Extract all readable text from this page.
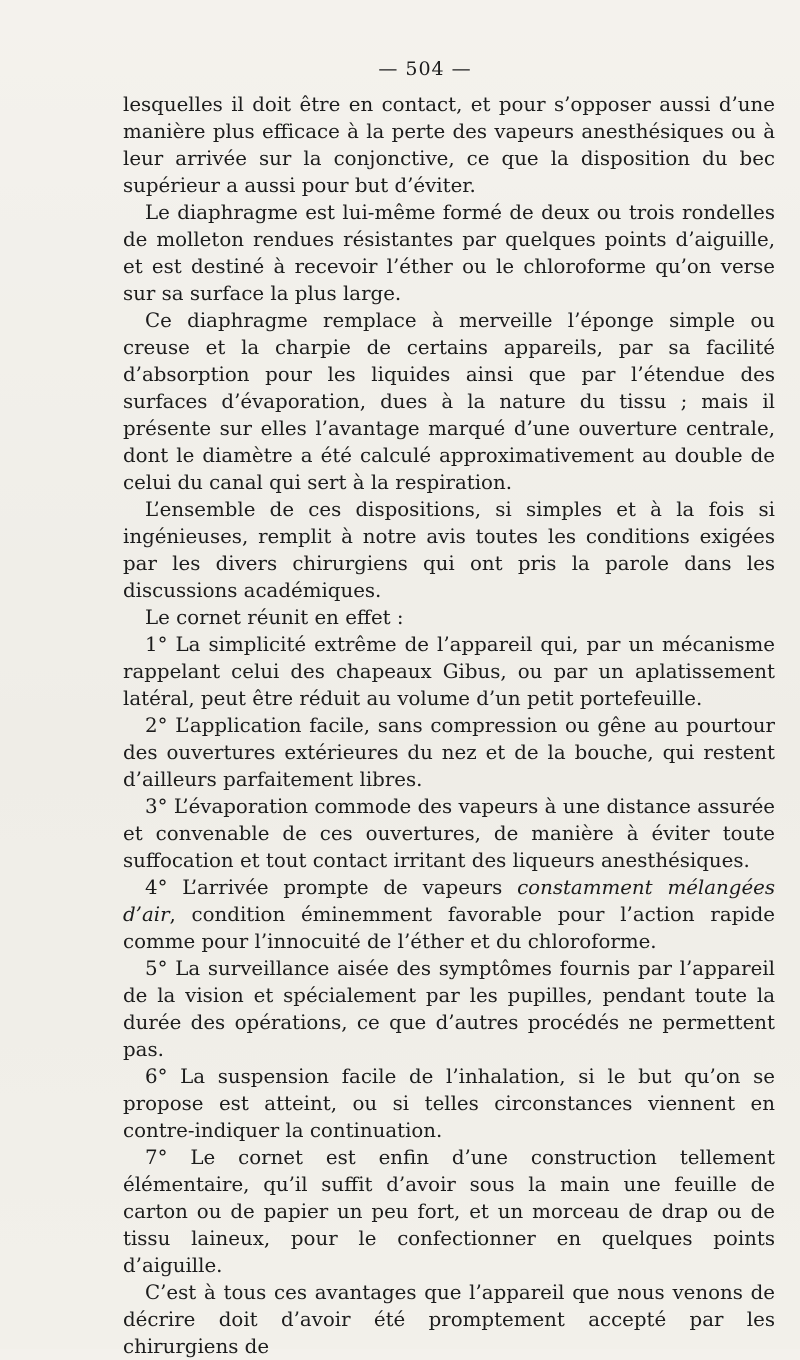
— 504 —

lesquelles il doit être en contact, et pour s’opposer aussi d’une manière plus efficace à la perte des vapeurs anesthésiques ou à leur arrivée sur la conjonctive, ce que la disposition du bec supérieur a aussi pour but d’éviter.

Le diaphragme est lui-même formé de deux ou trois rondelles de molleton rendues résistantes par quelques points d’aiguille, et est destiné à recevoir l’éther ou le chloroforme qu’on verse sur sa surface la plus large.

Ce diaphragme remplace à merveille l’éponge simple ou creuse et la charpie de certains appareils, par sa facilité d’absorption pour les liquides ainsi que par l’étendue des surfaces d’évaporation, dues à la nature du tissu ; mais il présente sur elles l’avantage marqué d’une ouverture centrale, dont le diamètre a été calculé approximativement au double de celui du canal qui sert à la respiration.

L’ensemble de ces dispositions, si simples et à la fois si ingénieuses, remplit à notre avis toutes les conditions exigées par les divers chirurgiens qui ont pris la parole dans les discussions académiques.

Le cornet réunit en effet :

1° La simplicité extrême de l’appareil qui, par un mécanisme rappelant celui des chapeaux Gibus, ou par un aplatissement latéral, peut être réduit au volume d’un petit portefeuille.

2° L’application facile, sans compression ou gêne au pourtour des ouvertures extérieures du nez et de la bouche, qui restent d’ailleurs parfaitement libres.

3° L’évaporation commode des vapeurs à une distance assurée et convenable de ces ouvertures, de manière à éviter toute suffocation et tout contact irritant des liqueurs anesthésiques.

4° L’arrivée prompte de vapeurs constamment mélangées d’air, condition éminemment favorable pour l’action rapide comme pour l’innocuité de l’éther et du chloroforme.

5° La surveillance aisée des symptômes fournis par l’appareil de la vision et spécialement par les pupilles, pendant toute la durée des opérations, ce que d’autres procédés ne permettent pas.

6° La suspension facile de l’inhalation, si le but qu’on se propose est atteint, ou si telles circonstances viennent en contre-indiquer la continuation.

7° Le cornet est enfin d’une construction tellement élémentaire, qu’il suffit d’avoir sous la main une feuille de carton ou de papier un peu fort, et un morceau de drap ou de tissu laineux, pour le confectionner en quelques points d’aiguille.

C’est à tous ces avantages que l’appareil que nous venons de décrire doit d’avoir été promptement accepté par les chirurgiens de
